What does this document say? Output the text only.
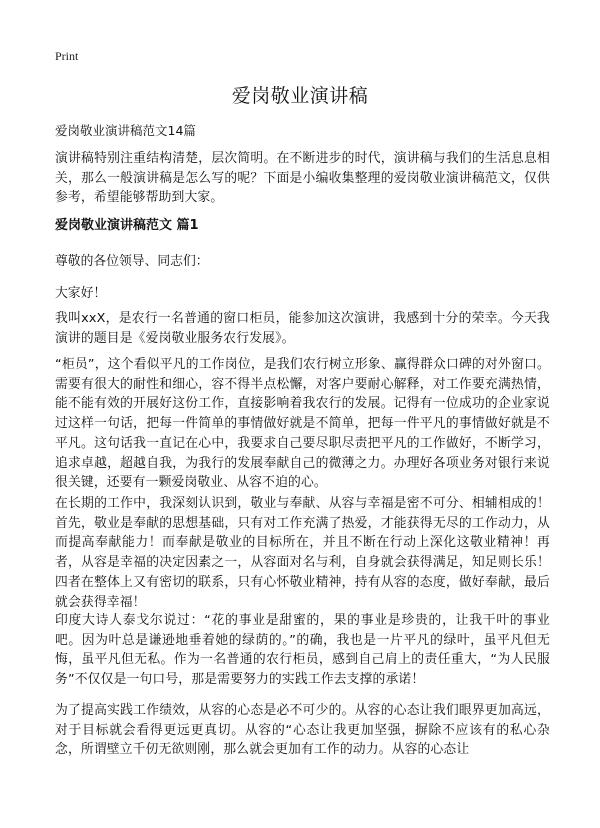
Print
爱岗敬业演讲稿

爱岗敬业演讲稿范文14篇

演讲稿特别注重结构清楚，层次简明。在不断进步的时代，演讲稿与我们的生活息息相关，那么一般演讲稿是怎么写的呢？下面是小编收集整理的爱岗敬业演讲稿范文，仅供参考，希望能够帮助到大家。

爱岗敬业演讲稿范文 篇1

尊敬的各位领导、同志们：

大家好！

我叫xxX，是农行一名普通的窗口柜员，能参加这次演讲，我感到十分的荣幸。今天我演讲的题目是《爱岗敬业服务农行发展》。

“柜员”，这个看似平凡的工作岗位，是我们农行树立形象、赢得群众口碑的对外窗口。需要有很大的耐性和细心，容不得半点松懈，对客户要耐心解释，对工作要充满热情，能不能有效的开展好这份工作，直接影响着我农行的发展。记得有一位成功的企业家说过这样一句话，把每一件简单的事情做好就是不简单，把每一件平凡的事情做好就是不平凡。这句话我一直记在心中，我要求自己要尽职尽责把平凡的工作做好，不断学习，追求卓越，超越自我，为我行的发展奉献自己的微薄之力。办理好各项业务对银行来说很关键，还要有一颗爱岗敬业、从容不迫的心。

在长期的工作中，我深刻认识到，敬业与奉献、从容与幸福是密不可分、相辅相成的！首先，敬业是奉献的思想基础，只有对工作充满了热爱，才能获得无尽的工作动力，从而提高奉献能力！而奉献是敬业的目标所在，并且不断在行动上深化这敬业精神！再者，从容是幸福的决定因素之一，从容面对名与利，自身就会获得满足，知足则长乐！四者在整体上又有密切的联系，只有心怀敬业精神，持有从容的态度，做好奉献，最后就会获得幸福！

印度大诗人泰戈尔说过：“花的事业是甜蜜的，果的事业是珍贵的，让我干叶的事业吧。因为叶总是谦逊地垂着她的绿荫的。”的确，我也是一片平凡的绿叶，虽平凡但无悔，虽平凡但无私。作为一名普通的农行柜员，感到自己肩上的责任重大，“为人民服务”不仅仅是一句口号，那是需要努力的实践工作去支撑的承诺！

为了提高实践工作绩效，从容的心态是必不可少的。从容的心态让我们眼界更加高远，对于目标就会看得更远更真切。从容的“心态让我更加坚强，摒除不应该有的私心杂念，所谓壁立千仞无欲则刚，那么就会更加有工作的动力。从容的心态让
